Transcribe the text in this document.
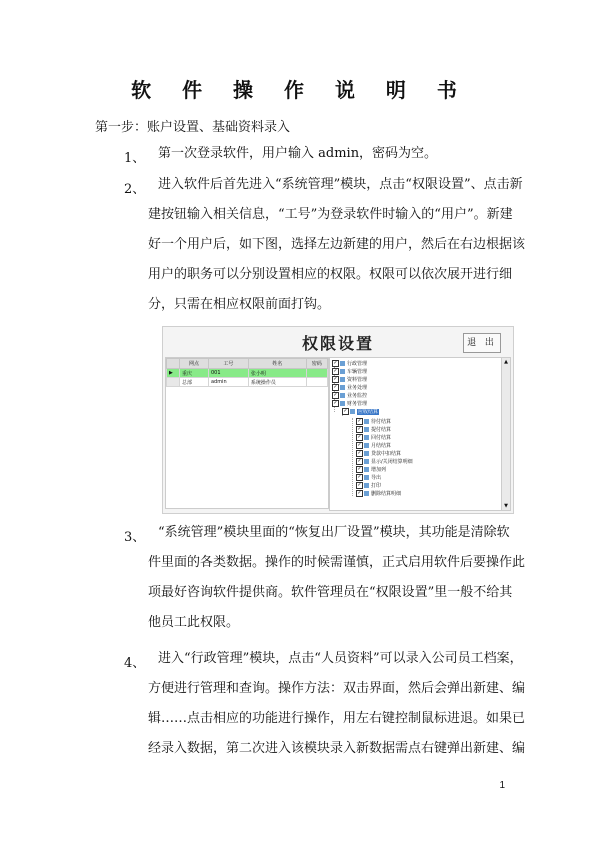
软 件 操 作 说 明 书
第一步：账户设置、基础资料录入
1、 第一次登录软件，用户输入 admin，密码为空。
2、 进入软件后首先进入“系统管理”模块，点击“权限设置”、点击新
建按钮输入相关信息，“工号”为登录软件时输入的“用户”。新建
好一个用户后，如下图，选择左边新建的用户，然后在右边根据该
用户的职务可以分别设置相应的权限。权限可以依次展开进行细
分，只需在相应权限前面打钩。
权限设置	退 出
	网点	工号	姓名	密码
▶	重庆	001	张小明	
	总部	admin	系统操作员	
✓ 行政管理
✓ 车辆管理
✓ 资料管理
✓ 业务处理
✓ 业务监控
✓ 财务管理
✓ 应收结算
✓ 待付结算
✓ 提付结算
✓ 回付结算
✓ 月结结算
✓ 贷款中扣结算
✓ 显示/关闭结算明细
✓ 增加列
✓ 导出
✓ 打印
✓ 删除结算明细
▲
▼
3、 “系统管理”模块里面的“恢复出厂设置”模块，其功能是清除软
件里面的各类数据。操作的时候需谨慎，正式启用软件后要操作此
项最好咨询软件提供商。软件管理员在“权限设置”里一般不给其
他员工此权限。
4、 进入“行政管理”模块，点击“人员资料”可以录入公司员工档案，
方便进行管理和查询。操作方法：双击界面，然后会弹出新建、编
辑……点击相应的功能进行操作，用左右键控制鼠标进退。如果已
经录入数据，第二次进入该模块录入新数据需点右键弹出新建、编
1
